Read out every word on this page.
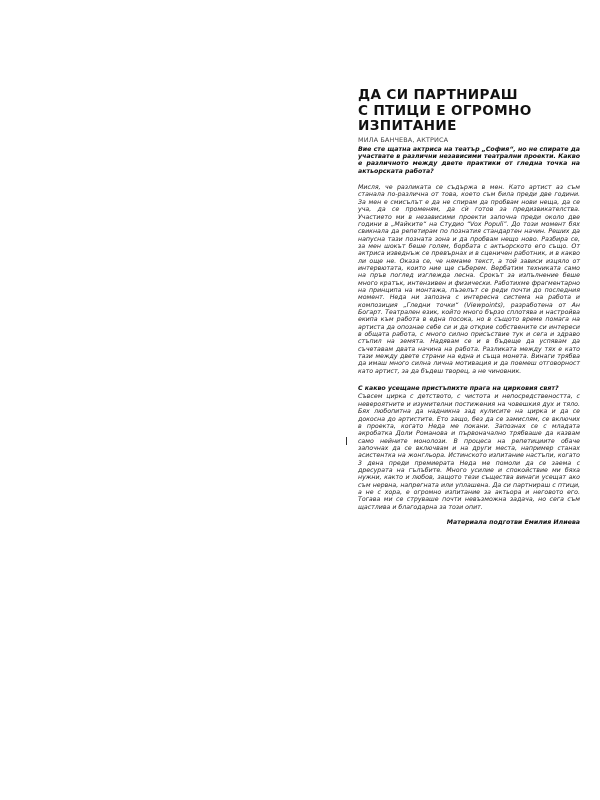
ДА СИ ПАРТНИРАШ
С ПТИЦИ Е ОГРОМНО
ИЗПИТАНИЕ
МИЛА БАНЧЕВА, АКТРИСА

Вие сте щатна актриса на театър „София“, но не спирате да участвате в различни независими театрални проекти. Какво е различното между двете практики от гледна точка на актьорската работа?

Мисля, че разликата се съдържа в мен. Като артист аз съм станала по-различна от това, което съм била преди две години. За мен е смисълът е да не спирам да пробвам нови неща, да се уча, да се променям, да сѝ готов за предизвикателства. Участието ми в независими проекти започна преди около две години в „Майките“ на Студио “Vox Populi”. До този момент бях свикнала да репетирам по познатия стандартен начин. Реших да напусна тази позната зона и да пробвам нещо ново. Разбира се, за мен шокът беше голям, борбата с актьорското его също. От актриса изведнъж се превърнах и в сценичен работник, и в какво ли още не. Оказа се, че нямаме текст, а той зависи изцяло от интервютата, които ние ще съберем. Вербатим техниката само на пръв поглед изглежда лесна. Срокът за изпълнение беше много кратък, интензивен и физически. Работихме фрагментарно на принципа на монтажа, пъзелът се реди почти до последния момент. Неда ни запозна с интересна система на работа и композиция „Гледни точки“ (Viewpoints), разработена от Ан Богарт. Театрален език, който много бързо сплотява и настройва екипа към работа в една посока, но в същото време помага на артиста да опознае себе си и да открие собствените си интереси в общата работа, с много силно присъствие тук и сега и здраво стъпил на земята. Надявам се и в бъдеще да успявам да съчетавам двата начина на работа. Разликата между тях е като тази между двете страни на една и съща монета. Винаги трябва да имаш много силна лична мотивация и да поемеш отговорност като артист, за да бъдеш творец, а не чиновник.

С какво усещане пристъпихте прага на цирковия свят?

Съвсем цирка с детството, с чистота и непосредствеността, с невероятните и изумителни постижения на човешкия дух и тяло. Бях любопитна да надникна зад кулисите на цирка и да се докосна до артистите. Ето защо, без да се замислям, се включих в проекта, когато Неда ме покани. Запознах се с младата акробатка Доли Романова и първоначално трябваше да казвам само нейните монолози. В процеса на репетициите обаче започнах да се включвам и на други места, например станах асистентка на жонгльора. Истинското изпитание настъпи, когато 3 дена преди премиерата Неда ме помоли да се заема с дресурата на гълъбите. Много усилие и спокойствие ми бяха нужни, както и любов, защото тези същества винаги усещат ако съм нервна, напрегната или уплашена. Да си партнираш с птици, а не с хора, е огромно изпитание за актьора и неговото его. Тогава ми се струваше почти невъзможна задача, но сега съм щастлива и благодарна за този опит.

Материала подготви Емилия Илиева
